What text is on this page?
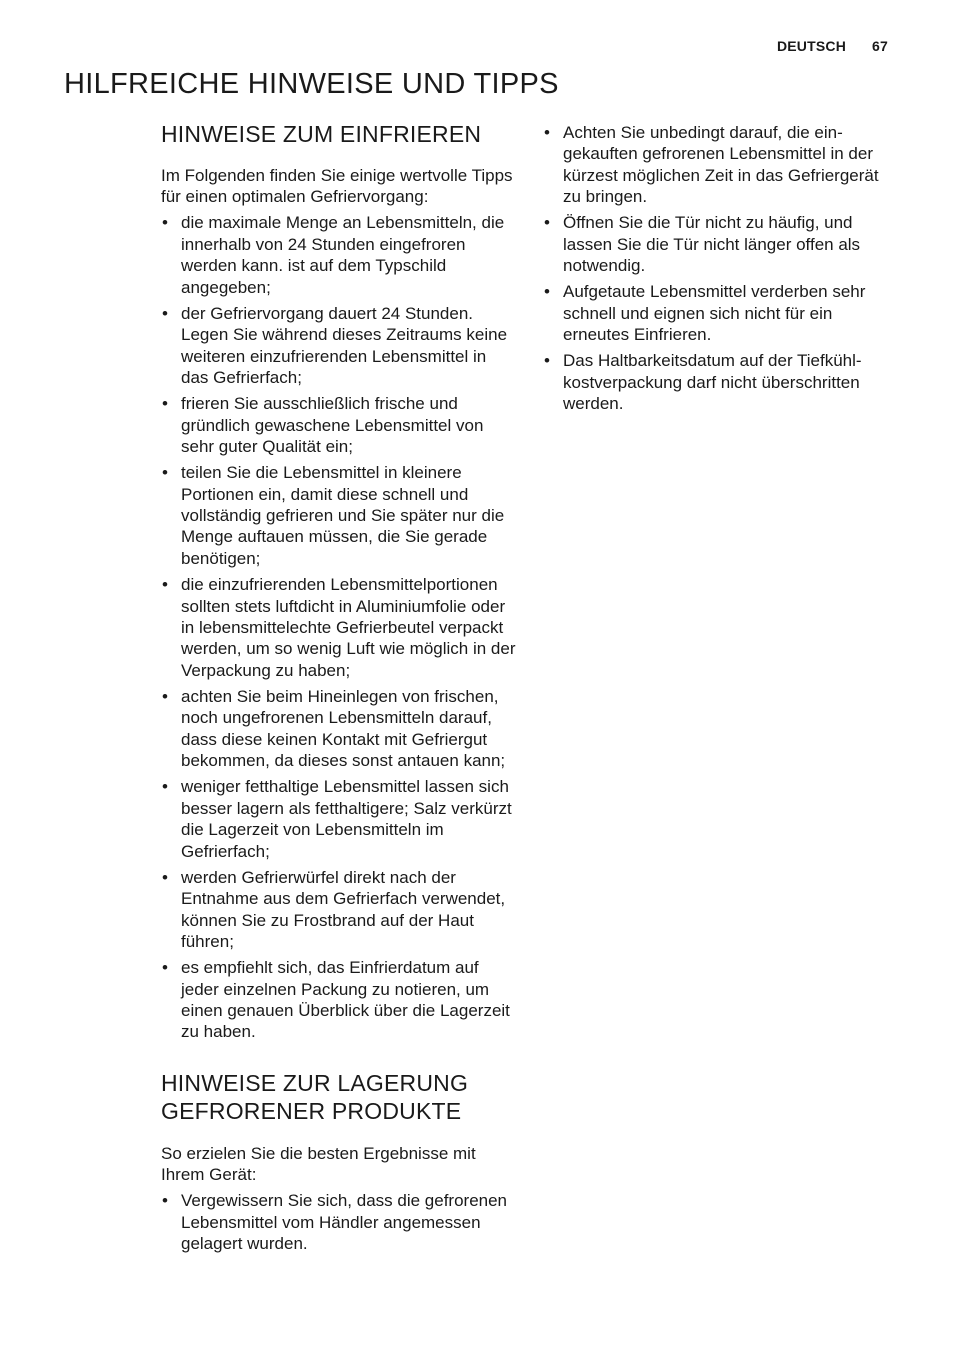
DEUTSCH 67
HILFREICHE HINWEISE UND TIPPS
HINWEISE ZUM EINFRIEREN

Im Folgenden finden Sie einige wertvolle Tipps für einen optimalen Gefriervorgang:

• die maximale Menge an Lebensmitteln, die innerhalb von 24 Stunden eingefroren werden kann. ist auf dem Typschild angegeben;
• der Gefriervorgang dauert 24 Stunden. Legen Sie während dieses Zeitraums keine weiteren einzufrierenden Lebensmittel in das Gefrierfach;
• frieren Sie ausschließlich frische und gründlich gewaschene Lebensmittel von sehr guter Qualität ein;
• teilen Sie die Lebensmittel in kleinere Portionen ein, damit diese schnell und vollständig gefrieren und Sie später nur die Menge auftauen müssen, die Sie gerade benötigen;
• die einzufrierenden Lebensmittelportionen sollten stets luftdicht in Aluminiumfolie oder in lebensmittelechte Gefrierbeutel verpackt werden, um so wenig Luft wie möglich in der Verpackung zu haben;
• achten Sie beim Hineinlegen von frischen, noch ungefrorenen Lebensmitteln darauf, dass diese keinen Kontakt mit Gefriergut bekommen, da dieses sonst antauen kann;
• weniger fetthaltige Lebensmittel lassen sich besser lagern als fetthaltigere; Salz verkürzt die Lagerzeit von Lebensmitteln im Gefrierfach;
• werden Gefrierwürfel direkt nach der Entnahme aus dem Gefrierfach verwendet, können Sie zu Frostbrand auf der Haut führen;
• es empfiehlt sich, das Einfrierdatum auf jeder einzelnen Packung zu notieren, um einen genauen Überblick über die Lagerzeit zu haben.
HINWEISE ZUR LAGERUNG GEFRORENER PRODUKTE

So erzielen Sie die besten Ergebnisse mit Ihrem Gerät:

• Vergewissern Sie sich, dass die gefrorenen Lebensmittel vom Händler angemessen gelagert wurden.
• Achten Sie unbedingt darauf, die eingekauften gefrorenen Lebensmittel in der kürzest möglichen Zeit in das Gefriergerät zu bringen.
• Öffnen Sie die Tür nicht zu häufig, und lassen Sie die Tür nicht länger offen als notwendig.
• Aufgetaute Lebensmittel verderben sehr schnell und eignen sich nicht für ein erneutes Einfrieren.
• Das Haltbarkeitsdatum auf der Tiefkühlkostverpackung darf nicht überschritten werden.
